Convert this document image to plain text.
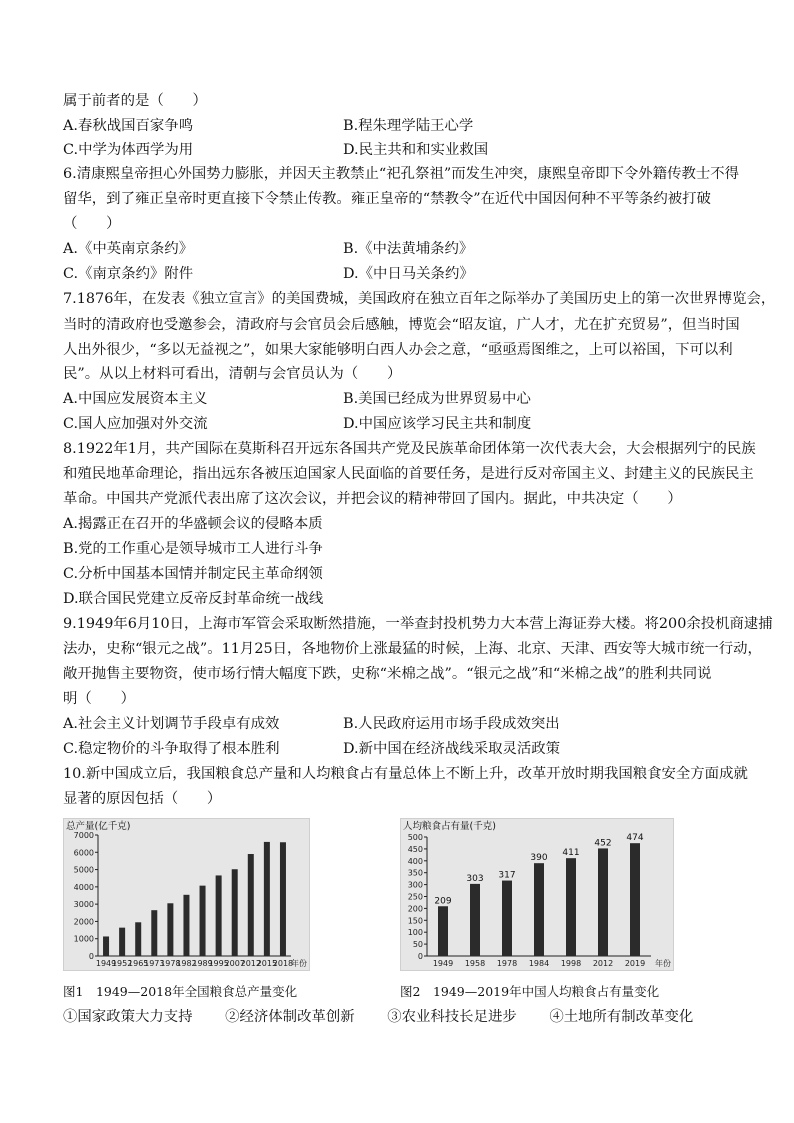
属于前者的是（　　）
A.春秋战国百家争鸣	B.程朱理学陆王心学
C.中学为体西学为用	D.民主共和和实业救国
6.清康熙皇帝担心外国势力膨胀，并因天主教禁止“祀孔祭祖”而发生冲突，康熙皇帝即下令外籍传教士不得
留华，到了雍正皇帝时更直接下令禁止传教。雍正皇帝的“禁教令”在近代中国因何种不平等条约被打破
（　　）
A.《中英南京条约》	B.《中法黄埔条约》
C.《南京条约》附件	D.《中日马关条约》
7.1876年，在发表《独立宣言》的美国费城，美国政府在独立百年之际举办了美国历史上的第一次世界博览会，
当时的清政府也受邀参会，清政府与会官员会后感触，博览会“昭友谊，广人才，尤在扩充贸易”，但当时国
人出外很少，“多以无益视之”，如果大家能够明白西人办会之意，“亟亟焉图维之，上可以裕国，下可以利
民”。从以上材料可看出，清朝与会官员认为（　　）
A.中国应发展资本主义	B.美国已经成为世界贸易中心
C.国人应加强对外交流	D.中国应该学习民主共和制度
8.1922年1月，共产国际在莫斯科召开远东各国共产党及民族革命团体第一次代表大会，大会根据列宁的民族
和殖民地革命理论，指出远东各被压迫国家人民面临的首要任务，是进行反对帝国主义、封建主义的民族民主
革命。中国共产党派代表出席了这次会议，并把会议的精神带回了国内。据此，中共决定（　　）
A.揭露正在召开的华盛顿会议的侵略本质
B.党的工作重心是领导城市工人进行斗争
C.分析中国基本国情并制定民主革命纲领
D.联合国民党建立反帝反封革命统一战线
9.1949年6月10日，上海市军管会采取断然措施，一举查封投机势力大本营上海证券大楼。将200余投机商逮捕
法办，史称“银元之战”。11月25日，各地物价上涨最猛的时候，上海、北京、天津、西安等大城市统一行动，
敞开抛售主要物资，使市场行情大幅度下跌，史称“米棉之战”。“银元之战”和“米棉之战”的胜利共同说
明（　　）
A.社会主义计划调节手段卓有成效	B.人民政府运用市场手段成效突出
C.稳定物价的斗争取得了根本胜利	D.新中国在经济战线采取灵活政策
10.新中国成立后，我国粮食总产量和人均粮食占有量总体上不断上升，改革开放时期我国粮食安全方面成就
显著的原因包括（　　）
总产量(亿千克)
0
1000
2000
3000
4000
5000
6000
7000
1949
1952
1965
1973
1978
1982
1989
1995
2007
2012
2015
2018
年份
人均粮食占有量(千克)
0
50
100
150
200
250
300
350
400
450
500
1949
209
1958
303
1978
317
1984
390
1998
411
2012
452
2019
474
年份
图1　1949—2018年全国粮食总产量变化	图2　1949—2019年中国人均粮食占有量变化
①国家政策大力支持 ②经济体制改革创新 ③农业科技长足进步 ④土地所有制改革变化
